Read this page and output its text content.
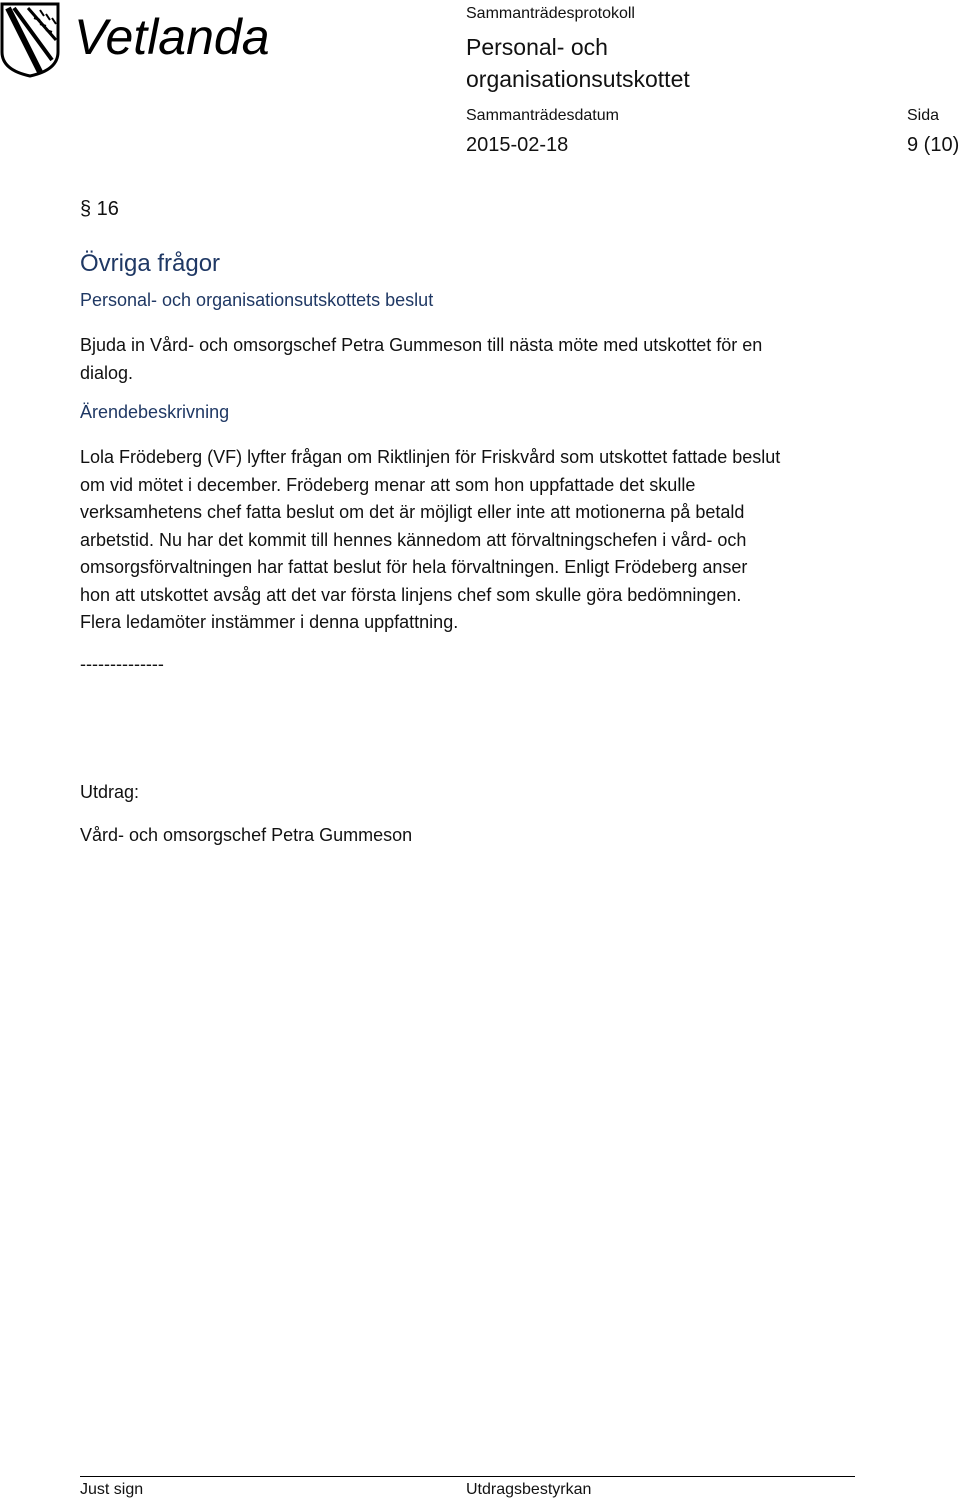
Vetlanda	Sammanträdesprotokoll
Personal- och
organisationsutskottet
Sammanträdesdatum	Sida
2015-02-18	9 (10)
§ 16
Övriga frågor
Personal- och organisationsutskottets beslut
Bjuda in Vård- och omsorgschef Petra Gummeson till nästa möte med utskottet för en
dialog.
Ärendebeskrivning
Lola Frödeberg (VF) lyfter frågan om Riktlinjen för Friskvård som utskottet fattade beslut
om vid mötet i december. Frödeberg menar att som hon uppfattade det skulle
verksamhetens chef fatta beslut om det är möjligt eller inte att motionerna på betald
arbetstid. Nu har det kommit till hennes kännedom att förvaltningschefen i vård- och
omsorgsförvaltningen har fattat beslut för hela förvaltningen. Enligt Frödeberg anser
hon att utskottet avsåg att det var första linjens chef som skulle göra bedömningen.
Flera ledamöter instämmer i denna uppfattning.
--------------
Utdrag:
Vård- och omsorgschef Petra Gummeson
Just sign	Utdragsbestyrkan
